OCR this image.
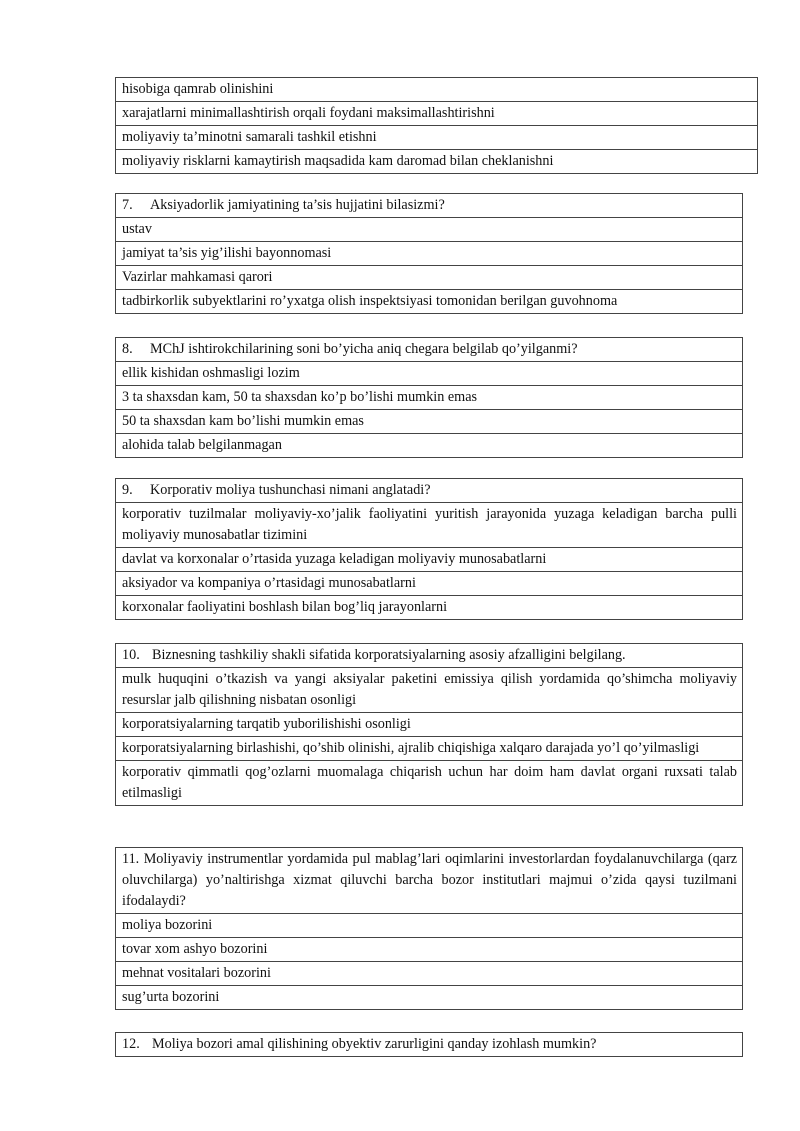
hisobiga qamrab olinishini
xarajatlarni minimallashtirish orqali foydani maksimallashtirishni
moliyaviy ta’minotni samarali tashkil etishni
moliyaviy risklarni kamaytirish maqsadida kam daromad bilan cheklanishni
7. Aksiyadorlik jamiyatining ta’sis hujjatini bilasizmi?
ustav
jamiyat ta’sis yig’ilishi bayonnomasi
Vazirlar mahkamasi qarori
tadbirkorlik subyektlarini ro’yxatga olish inspektsiyasi tomonidan berilgan guvohnoma
8. MChJ ishtirokchilarining soni bo’yicha aniq chegara belgilab qo’yilganmi?
ellik kishidan oshmasligi lozim
3 ta shaxsdan kam, 50 ta shaxsdan ko’p bo’lishi mumkin emas
50 ta shaxsdan kam bo’lishi mumkin emas
alohida talab belgilanmagan
9. Korporativ moliya tushunchasi nimani anglatadi?
korporativ tuzilmalar moliyaviy-xo’jalik faoliyatini yuritish jarayonida yuzaga keladigan barcha pulli moliyaviy munosabatlar tizimini
davlat va korxonalar o’rtasida yuzaga keladigan moliyaviy munosabatlarni
aksiyador va kompaniya o’rtasidagi munosabatlarni
korxonalar faoliyatini boshlash bilan bog’liq jarayonlarni
10. Biznesning tashkiliy shakli sifatida korporatsiyalarning asosiy afzalligini belgilang.
mulk huquqini o’tkazish va yangi aksiyalar paketini emissiya qilish yordamida qo’shimcha moliyaviy resurslar jalb qilishning nisbatan osonligi
korporatsiyalarning tarqatib yuborilishishi osonligi
korporatsiyalarning birlashishi, qo’shib olinishi, ajralib chiqishiga xalqaro darajada yo’l qo’yilmasligi
korporativ qimmatli qog’ozlarni muomalaga chiqarish uchun har doim ham davlat organi ruxsati talab etilmasligi
11. Moliyaviy instrumentlar yordamida pul mablag’lari oqimlarini investorlardan foydalanuvchilarga (qarz oluvchilarga) yo’naltirishga xizmat qiluvchi barcha bozor institutlari majmui o’zida qaysi tuzilmani ifodalaydi?
moliya bozorini
tovar xom ashyo bozorini
mehnat vositalari bozorini
sug’urta bozorini
12. Moliya bozori amal qilishining obyektiv zarurligini qanday izohlash mumkin?
